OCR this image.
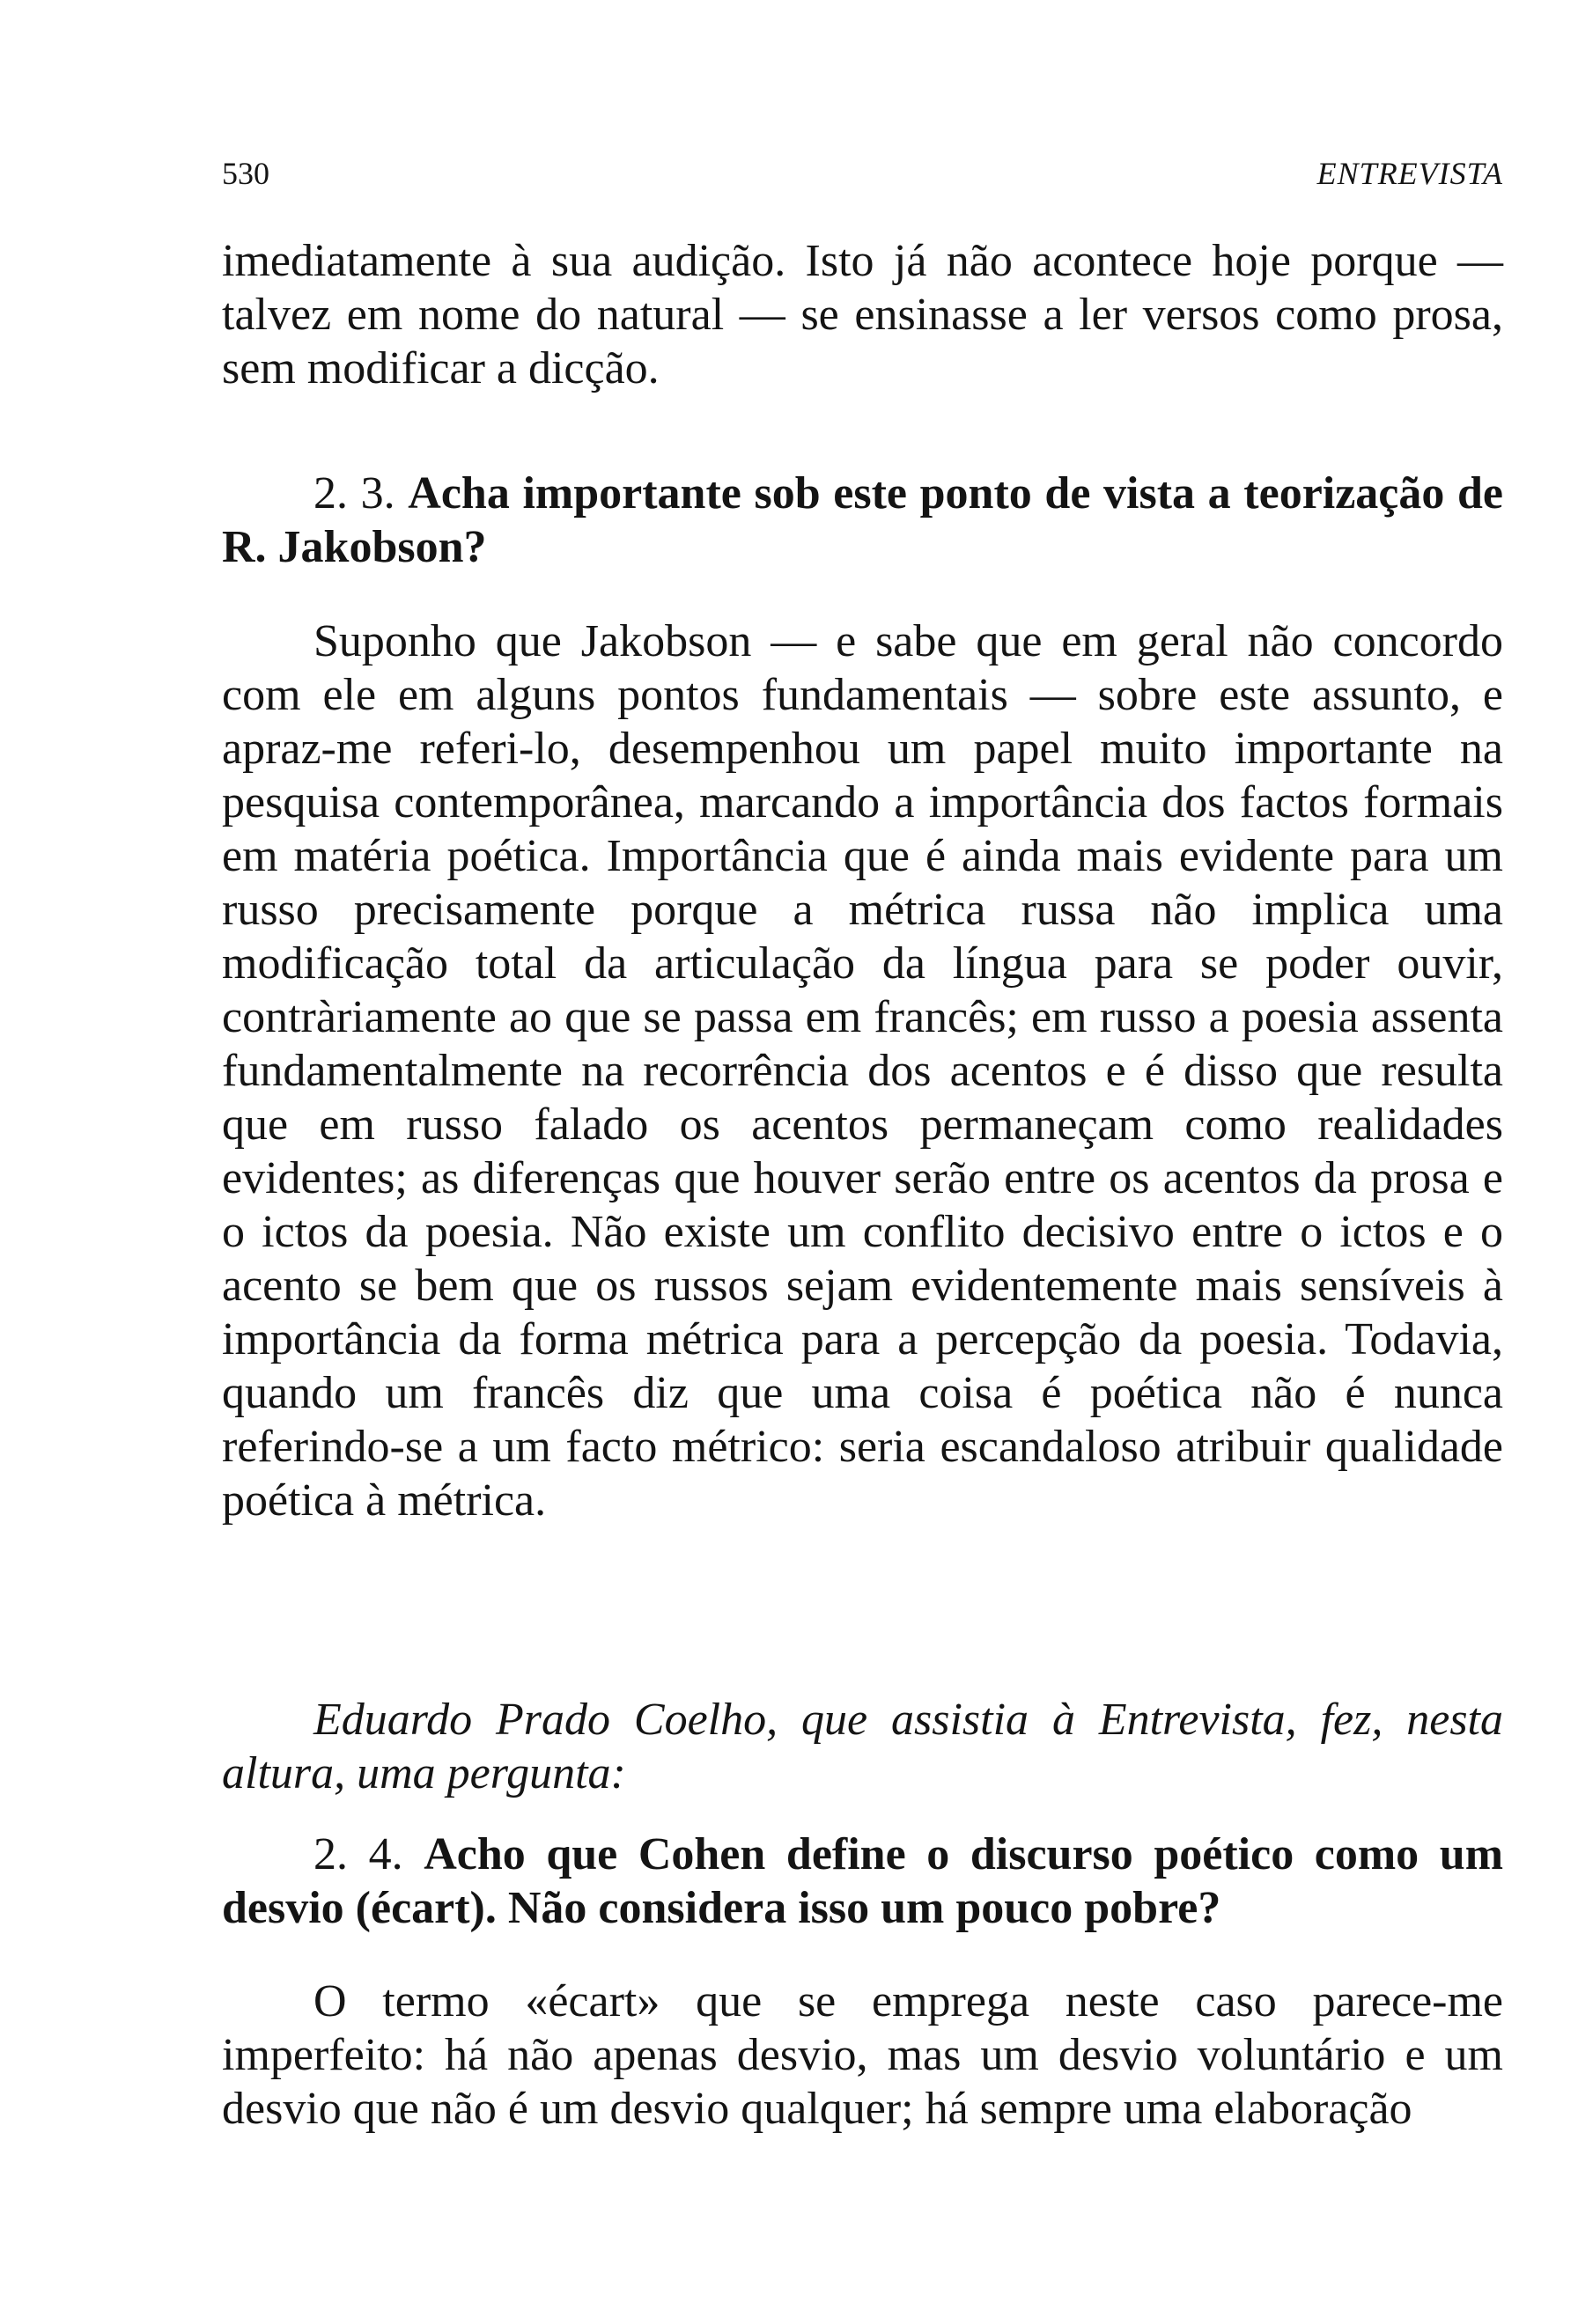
530	ENTREVISTA

imediatamente à sua audição. Isto já não acontece hoje porque — talvez em nome do natural — se ensinasse a ler versos como prosa, sem modificar a dicção.

2. 3. Acha importante sob este ponto de vista a teorização de R. Jakobson?

Suponho que Jakobson — e sabe que em geral não concordo com ele em alguns pontos fundamentais — sobre este assunto, e apraz-me referi-lo, desempenhou um papel muito importante na pesquisa contemporânea, marcando a importância dos factos formais em matéria poética. Importância que é ainda mais evidente para um russo precisamente porque a métrica russa não implica uma modificação total da articulação da língua para se poder ouvir, contràriamente ao que se passa em francês; em russo a poesia assenta fundamentalmente na recorrência dos acentos e é disso que resulta que em russo falado os acentos permaneçam como realidades evidentes; as diferenças que houver serão entre os acentos da prosa e o ictos da poesia. Não existe um conflito decisivo entre o ictos e o acento se bem que os russos sejam evidentemente mais sensíveis à importância da forma métrica para a percepção da poesia. Todavia, quando um francês diz que uma coisa é poética não é nunca referindo-se a um facto métrico: seria escandaloso atribuir qualidade poética à métrica.

Eduardo Prado Coelho, que assistia à Entrevista, fez, nesta altura, uma pergunta:

2. 4. Acho que Cohen define o discurso poético como um desvio (écart). Não considera isso um pouco pobre?

O termo «écart» que se emprega neste caso parece-me imperfeito: há não apenas desvio, mas um desvio voluntário e um desvio que não é um desvio qualquer; há sempre uma elaboração
